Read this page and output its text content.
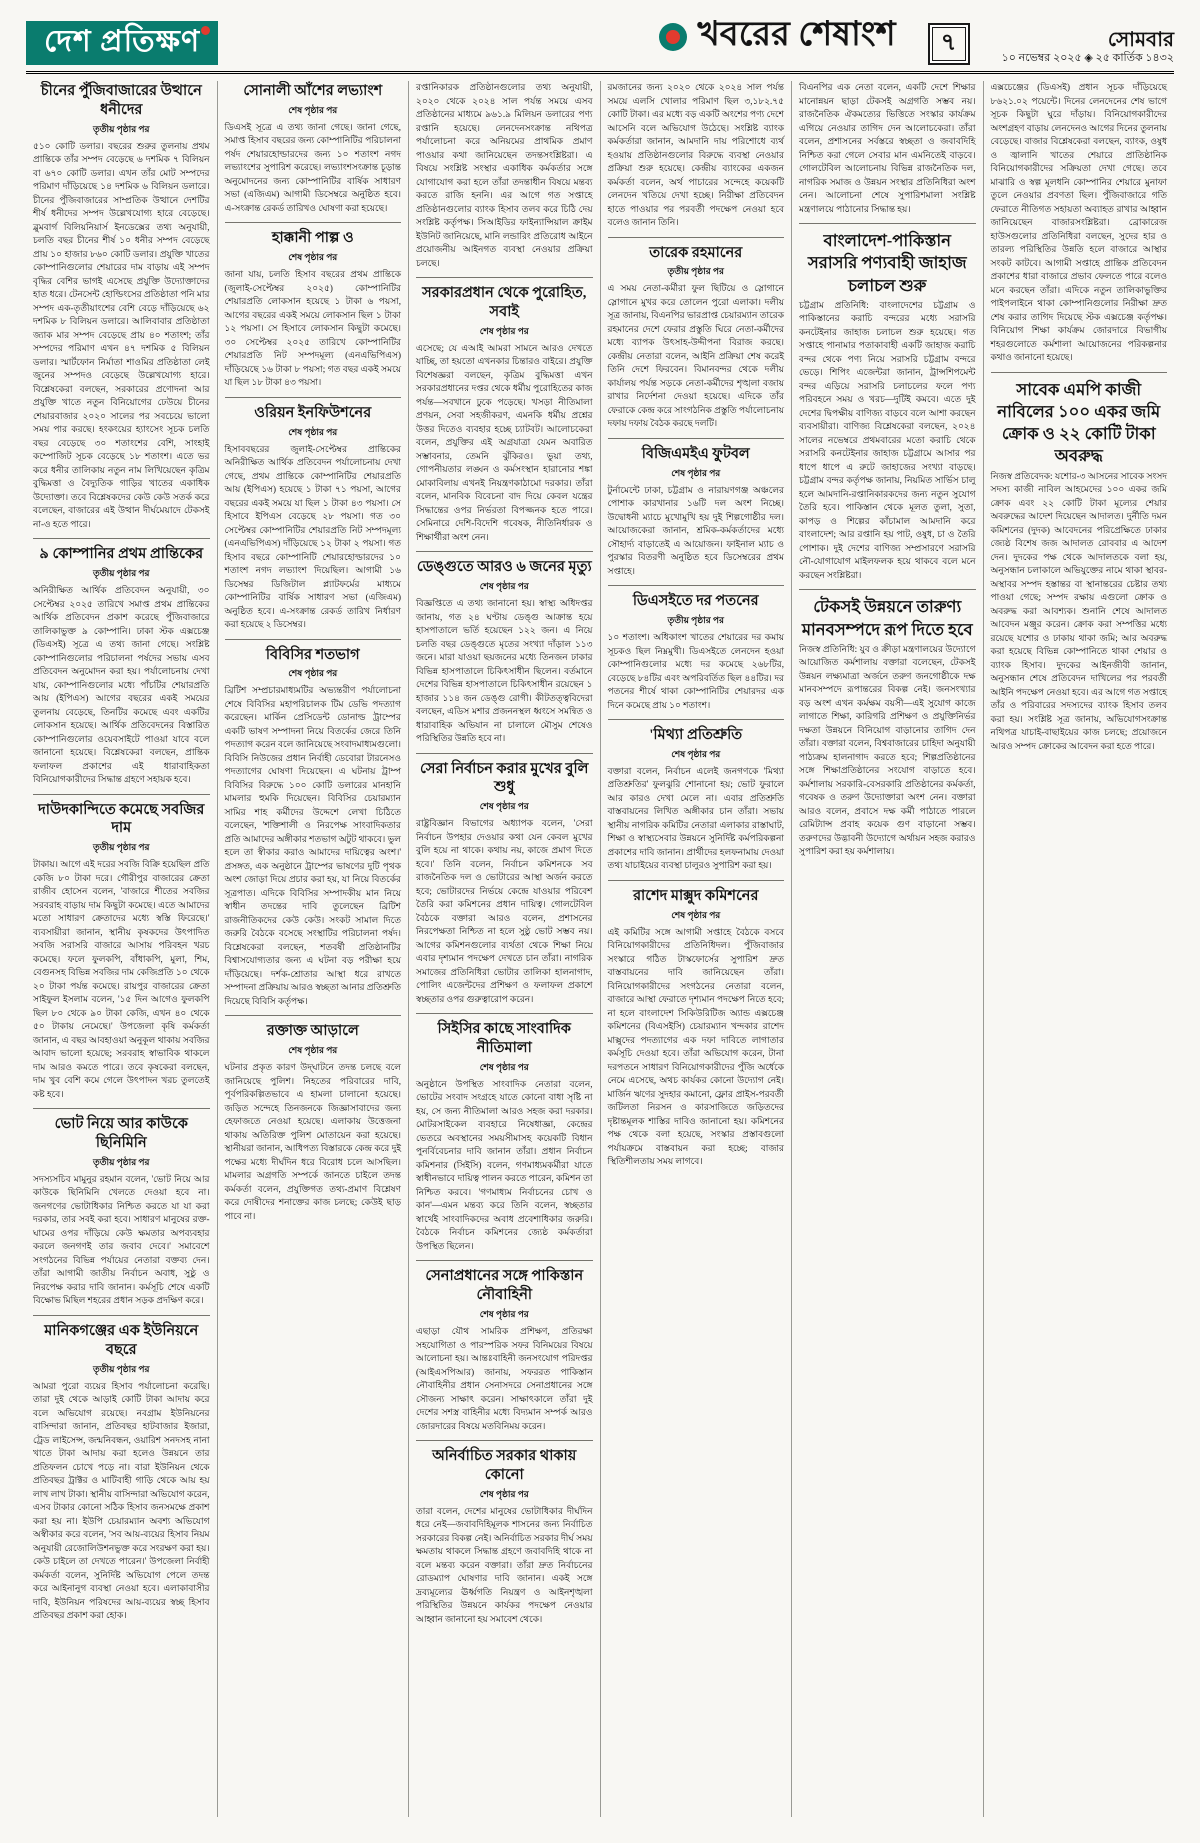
দেশ প্রতিক্ষণ	খবরের শেষাংশ	৭	সোমবার
১০ নভেম্বর ২০২৫ ◈ ২৫ কার্তিক ১৪৩২
চীনের পুঁজিবাজারের উত্থানে ধনীদের
তৃতীয় পৃষ্ঠার পর

৫১০ কোটি ডলার। বছরের শুরুর তুলনায় প্রথম প্রান্তিকে তাঁর সম্পদ বেড়েছে ৬ দশমিক ৭ বিলিয়ন বা ৬৭০ কোটি ডলার। এখন তাঁর মোট সম্পদের পরিমাণ দাঁড়িয়েছে ১৪ দশমিক ৬ বিলিয়ন ডলারে। চীনের পুঁজিবাজারের সাম্প্রতিক উত্থানে দেশটির শীর্ষ ধনীদের সম্পদ উল্লেখযোগ্য হারে বেড়েছে। ব্লুমবার্গ বিলিয়নিয়ার্স ইনডেক্সের তথ্য অনুযায়ী, চলতি বছর চীনের শীর্ষ ১০ ধনীর সম্পদ বেড়েছে প্রায় ১০ হাজার ৮৬০ কোটি ডলার। প্রযুক্তি খাতের কোম্পানিগুলোর শেয়ারের দাম বাড়ায় এই সম্পদ বৃদ্ধির বেশির ভাগই এসেছে প্রযুক্তি উদ্যোক্তাদের হাত ধরে। টেনসেন্ট হোল্ডিংসের প্রতিষ্ঠাতা পনি মার সম্পদ এক-তৃতীয়াংশের বেশি বেড়ে দাঁড়িয়েছে ৬২ দশমিক ৮ বিলিয়ন ডলারে। আলিবাবার প্রতিষ্ঠাতা জ্যাক মার সম্পদ বেড়েছে প্রায় ৪০ শতাংশ; তাঁর সম্পদের পরিমাণ এখন ৪৭ দশমিক ৫ বিলিয়ন ডলার। স্মার্টফোন নির্মাতা শাওমির প্রতিষ্ঠাতা লেই জুনের সম্পদও বেড়েছে উল্লেখযোগ্য হারে। বিশ্লেষকেরা বলছেন, সরকারের প্রণোদনা আর প্রযুক্তি খাতে নতুন বিনিয়োগের ঢেউয়ে চীনের শেয়ারবাজার ২০২০ সালের পর সবচেয়ে ভালো সময় পার করছে। হংকংয়ের হ্যাংসেং সূচক চলতি বছর বেড়েছে ৩০ শতাংশের বেশি, সাংহাই কম্পোজিট সূচক বেড়েছে ১৮ শতাংশ। এতে ভর করে ধনীর তালিকায় নতুন নাম লিখিয়েছেন কৃত্রিম বুদ্ধিমত্তা ও বৈদ্যুতিক গাড়ির খাতের একাধিক উদ্যোক্তা। তবে বিশ্লেষকদের কেউ কেউ সতর্ক করে বলেছেন, বাজারের এই উত্থান দীর্ঘমেয়াদে টেকসই না-ও হতে পারে।

৯ কোম্পানির প্রথম প্রান্তিকের
তৃতীয় পৃষ্ঠার পর

অনিরীক্ষিত আর্থিক প্রতিবেদন অনুযায়ী, ৩০ সেপ্টেম্বর ২০২৫ তারিখে সমাপ্ত প্রথম প্রান্তিকের আর্থিক প্রতিবেদন প্রকাশ করেছে পুঁজিবাজারে তালিকাভুক্ত ৯ কোম্পানি। ঢাকা স্টক এক্সচেঞ্জ (ডিএসই) সূত্রে এ তথ্য জানা গেছে। সংশ্লিষ্ট কোম্পানিগুলোর পরিচালনা পর্ষদের সভায় এসব প্রতিবেদন অনুমোদন করা হয়। পর্যালোচনায় দেখা যায়, কোম্পানিগুলোর মধ্যে পাঁচটির শেয়ারপ্রতি আয় (ইপিএস) আগের বছরের একই সময়ের তুলনায় বেড়েছে, তিনটির কমেছে এবং একটির লোকসান হয়েছে। আর্থিক প্রতিবেদনের বিস্তারিত কোম্পানিগুলোর ওয়েবসাইটে পাওয়া যাবে বলে জানানো হয়েছে। বিশ্লেষকেরা বলছেন, প্রান্তিক ফলাফল প্রকাশের এই ধারাবাহিকতা বিনিয়োগকারীদের সিদ্ধান্ত গ্রহণে সহায়ক হবে।

দাউদকান্দিতে কমেছে সবজির দাম
তৃতীয় পৃষ্ঠার পর

টাকায়। আগে এই দরের সবজি বিক্রি হয়েছিল প্রতি কেজি ৮০ টাকা দরে। গৌরীপুর বাজারের ক্রেতা রাজীব হোসেন বলেন, 'বাজারে শীতের সবজির সরবরাহ বাড়ায় দাম কিছুটা কমেছে। এতে আমাদের মতো সাধারণ ক্রেতাদের মধ্যে স্বস্তি ফিরেছে।' ব্যবসায়ীরা জানান, স্থানীয় কৃষকদের উৎপাদিত সবজি সরাসরি বাজারে আসায় পরিবহন খরচ কমেছে। ফলে ফুলকপি, বাঁধাকপি, মুলা, শিম, বেগুনসহ বিভিন্ন সবজির দাম কেজিপ্রতি ১০ থেকে ২০ টাকা পর্যন্ত কমেছে। রায়পুর বাজারের ক্রেতা সাইফুল ইসলাম বলেন, '১৫ দিন আগেও ফুলকপি ছিল ৮০ থেকে ৯০ টাকা কেজি, এখন ৪০ থেকে ৫০ টাকায় নেমেছে।' উপজেলা কৃষি কর্মকর্তা জানান, এ বছর আবহাওয়া অনুকূল থাকায় সবজির আবাদ ভালো হয়েছে; সরবরাহ স্বাভাবিক থাকলে দাম আরও কমতে পারে। তবে কৃষকেরা বলছেন, দাম খুব বেশি কমে গেলে উৎপাদন খরচ তুলতেই কষ্ট হবে।

ভোট নিয়ে আর কাউকে ছিনিমিনি
তৃতীয় পৃষ্ঠার পর

সদস্যসচিব মামুনুর রহমান বলেন, 'ভোট নিয়ে আর কাউকে ছিনিমিনি খেলতে দেওয়া হবে না। জনগণের ভোটাধিকার নিশ্চিত করতে যা যা করা দরকার, তার সবই করা হবে। সাধারণ মানুষের রক্ত-ঘামের ওপর দাঁড়িয়ে কেউ ক্ষমতার অপব্যবহার করলে জনগণই তার জবাব দেবে।' সমাবেশে সংগঠনের বিভিন্ন পর্যায়ের নেতারা বক্তব্য দেন। তাঁরা আগামী জাতীয় নির্বাচন অবাধ, সুষ্ঠু ও নিরপেক্ষ করার দাবি জানান। কর্মসূচি শেষে একটি বিক্ষোভ মিছিল শহরের প্রধান সড়ক প্রদক্ষিণ করে।

মানিকগঞ্জের এক ইউনিয়নে বছরে
তৃতীয় পৃষ্ঠার পর

আমরা পুরো ব্যয়ের হিসাব পর্যালোচনা করেছি। তারা দুই থেকে আড়াই কোটি টাকা আদায় করে বলে অভিযোগ রয়েছে। নবগ্রাম ইউনিয়নের বাসিন্দারা জানান, প্রতিবছর হাটবাজার ইজারা, ট্রেড লাইসেন্স, জন্মনিবন্ধন, ওয়ারিশ সনদসহ নানা খাতে টাকা আদায় করা হলেও উন্নয়নে তার প্রতিফলন চোখে পড়ে না। বারা ইউনিয়ন থেকে প্রতিবছর ট্রাক্টর ও মাটিবাহী গাড়ি থেকে আয় হয় লাখ লাখ টাকা। স্থানীয় বাসিন্দারা অভিযোগ করেন, এসব টাকার কোনো সঠিক হিসাব জনসমক্ষে প্রকাশ করা হয় না। ইউপি চেয়ারম্যান অবশ্য অভিযোগ অস্বীকার করে বলেন, 'সব আয়-ব্যয়ের হিসাব নিয়ম অনুযায়ী রেজোলিউশনভুক্ত করে সংরক্ষণ করা হয়। কেউ চাইলে তা দেখতে পারেন।' উপজেলা নির্বাহী কর্মকর্তা বলেন, সুনির্দিষ্ট অভিযোগ পেলে তদন্ত করে আইনানুগ ব্যবস্থা নেওয়া হবে। এলাকাবাসীর দাবি, ইউনিয়ন পরিষদের আয়-ব্যয়ের স্বচ্ছ হিসাব প্রতিবছর প্রকাশ করা হোক।

সোনালী আঁশের লভ্যাংশ
শেষ পৃষ্ঠার পর

ডিএসই সূত্রে এ তথ্য জানা গেছে। জানা গেছে, সমাপ্ত হিসাব বছরের জন্য কোম্পানিটির পরিচালনা পর্ষদ শেয়ারহোল্ডারদের জন্য ১০ শতাংশ নগদ লভ্যাংশের সুপারিশ করেছে। লভ্যাংশসংক্রান্ত চূড়ান্ত অনুমোদনের জন্য কোম্পানিটির বার্ষিক সাধারণ সভা (এজিএম) আগামী ডিসেম্বরে অনুষ্ঠিত হবে। এ-সংক্রান্ত রেকর্ড তারিখও ঘোষণা করা হয়েছে।

হাক্কানী পাল্প ও
শেষ পৃষ্ঠার পর

জানা যায়, চলতি হিসাব বছরের প্রথম প্রান্তিকে (জুলাই-সেপ্টেম্বর ২০২৫) কোম্পানিটির শেয়ারপ্রতি লোকসান হয়েছে ১ টাকা ৬ পয়সা, আগের বছরের একই সময়ে লোকসান ছিল ১ টাকা ১২ পয়সা। সে হিসাবে লোকসান কিছুটা কমেছে। ৩০ সেপ্টেম্বর ২০২৫ তারিখে কোম্পানিটির শেয়ারপ্রতি নিট সম্পদমূল্য (এনএভিপিএস) দাঁড়িয়েছে ১৬ টাকা ৮ পয়সা; গত বছর একই সময়ে যা ছিল ১৮ টাকা ৪৩ পয়সা।

ওরিয়ন ইনফিউশনের
শেষ পৃষ্ঠার পর

হিসাববছরের জুলাই-সেপ্টেম্বর প্রান্তিকের অনিরীক্ষিত আর্থিক প্রতিবেদন পর্যালোচনায় দেখা গেছে, প্রথম প্রান্তিকে কোম্পানিটির শেয়ারপ্রতি আয় (ইপিএস) হয়েছে ১ টাকা ৭১ পয়সা, আগের বছরের একই সময়ে যা ছিল ১ টাকা ৪৩ পয়সা। সে হিসাবে ইপিএস বেড়েছে ২৮ পয়সা। গত ৩০ সেপ্টেম্বর কোম্পানিটির শেয়ারপ্রতি নিট সম্পদমূল্য (এনএভিপিএস) দাঁড়িয়েছে ১২ টাকা ২ পয়সা। গত হিসাব বছরে কোম্পানিটি শেয়ারহোল্ডারদের ১০ শতাংশ নগদ লভ্যাংশ দিয়েছিল। আগামী ১৬ ডিসেম্বর ডিজিটাল প্ল্যাটফর্মের মাধ্যমে কোম্পানিটির বার্ষিক সাধারণ সভা (এজিএম) অনুষ্ঠিত হবে। এ-সংক্রান্ত রেকর্ড তারিখ নির্ধারণ করা হয়েছে ২ ডিসেম্বর।

বিবিসির শতভাগ
শেষ পৃষ্ঠার পর

ব্রিটিশ সম্প্রচারমাধ্যমটির অভ্যন্তরীণ পর্যালোচনা শেষে বিবিসির মহাপরিচালক টিম ডেভি পদত্যাগ করেছেন। মার্কিন প্রেসিডেন্ট ডোনাল্ড ট্রাম্পের একটি ভাষণ সম্পাদনা নিয়ে বিতর্কের জেরে তিনি পদত্যাগ করেন বলে জানিয়েছে সংবাদমাধ্যমগুলো। বিবিসি নিউজের প্রধান নির্বাহী ডেবোরা টারনেসও পদত্যাগের ঘোষণা দিয়েছেন। এ ঘটনায় ট্রাম্প বিবিসির বিরুদ্ধে ১০০ কোটি ডলারের মানহানি মামলার হুমকি দিয়েছেন। বিবিসির চেয়ারম্যান সামির শাহ কর্মীদের উদ্দেশে লেখা চিঠিতে বলেছেন, 'শক্তিশালী ও নিরপেক্ষ সাংবাদিকতার প্রতি আমাদের অঙ্গীকার শতভাগ অটুট থাকবে। ভুল হলে তা স্বীকার করাও আমাদের দায়িত্বের অংশ।' প্রসঙ্গত, এক অনুষ্ঠানে ট্রাম্পের ভাষণের দুটি পৃথক অংশ জোড়া দিয়ে প্রচার করা হয়, যা নিয়ে বিতর্কের সূত্রপাত। এদিকে বিবিসির সম্পাদকীয় মান নিয়ে স্বাধীন তদন্তের দাবি তুলেছেন ব্রিটিশ রাজনীতিকদের কেউ কেউ। সংকট সামাল দিতে জরুরি বৈঠকে বসেছে সংস্থাটির পরিচালনা পর্ষদ। বিশ্লেষকেরা বলছেন, শতবর্ষী প্রতিষ্ঠানটির বিশ্বাসযোগ্যতার জন্য এ ঘটনা বড় পরীক্ষা হয়ে দাঁড়িয়েছে। দর্শক-শ্রোতার আস্থা ধরে রাখতে সম্পাদনা প্রক্রিয়ায় আরও স্বচ্ছতা আনার প্রতিশ্রুতি দিয়েছে বিবিসি কর্তৃপক্ষ।

রক্তাক্ত আড়ালে
শেষ পৃষ্ঠার পর

ঘটনার প্রকৃত কারণ উদ্‌ঘাটনে তদন্ত চলছে বলে জানিয়েছে পুলিশ। নিহতের পরিবারের দাবি, পূর্বপরিকল্পিতভাবে এ হামলা চালানো হয়েছে। জড়িত সন্দেহে তিনজনকে জিজ্ঞাসাবাদের জন্য হেফাজতে নেওয়া হয়েছে। এলাকায় উত্তেজনা থাকায় অতিরিক্ত পুলিশ মোতায়েন করা হয়েছে। স্থানীয়রা জানান, আধিপত্য বিস্তারকে কেন্দ্র করে দুই পক্ষের মধ্যে দীর্ঘদিন ধরে বিরোধ চলে আসছিল। মামলার অগ্রগতি সম্পর্কে জানতে চাইলে তদন্ত কর্মকর্তা বলেন, প্রযুক্তিগত তথ্য-প্রমাণ বিশ্লেষণ করে দোষীদের শনাক্তের কাজ চলছে; কেউই ছাড় পাবে না।

রপ্তানিকারক প্রতিষ্ঠানগুলোর তথ্য অনুযায়ী, ২০২০ থেকে ২০২৪ সাল পর্যন্ত সময়ে এসব প্রতিষ্ঠানের মাধ্যমে ৯৬১.৯ মিলিয়ন ডলারের পণ্য রপ্তানি হয়েছে। লেনদেনসংক্রান্ত নথিপত্র পর্যালোচনা করে অনিয়মের প্রাথমিক প্রমাণ পাওয়ার কথা জানিয়েছেন তদন্তসংশ্লিষ্টরা। এ বিষয়ে সংশ্লিষ্ট সংস্থার একাধিক কর্মকর্তার সঙ্গে যোগাযোগ করা হলে তাঁরা তদন্তাধীন বিষয়ে মন্তব্য করতে রাজি হননি। এর আগে গত সপ্তাহে প্রতিষ্ঠানগুলোর ব্যাংক হিসাব তলব করে চিঠি দেয় সংশ্লিষ্ট কর্তৃপক্ষ। সিআইডির ফাইন্যান্সিয়াল ক্রাইম ইউনিট জানিয়েছে, মানি লন্ডারিং প্রতিরোধ আইনে প্রয়োজনীয় আইনগত ব্যবস্থা নেওয়ার প্রক্রিয়া চলছে।

সরকারপ্রধান থেকে পুরোহিত, সবাই
শেষ পৃষ্ঠার পর

এসেছে; যে এআই আমরা সামনে আরও দেখতে যাচ্ছি, তা হয়তো এখনকার চিন্তারও বাইরে। প্রযুক্তি বিশেষজ্ঞরা বলছেন, কৃত্রিম বুদ্ধিমত্তা এখন সরকারপ্রধানের দপ্তর থেকে ধর্মীয় পুরোহিতের কাজ পর্যন্ত—সবখানে ঢুকে পড়েছে। খসড়া নীতিমালা প্রণয়ন, সেবা সহজীকরণ, এমনকি ধর্মীয় প্রশ্নের উত্তর দিতেও ব্যবহার হচ্ছে চ্যাটবট। আলোচকেরা বলেন, প্রযুক্তির এই অগ্রযাত্রা যেমন অবারিত সম্ভাবনার, তেমনি ঝুঁকিরও। ভুয়া তথ্য, গোপনীয়তার লঙ্ঘন ও কর্মসংস্থান হারানোর শঙ্কা মোকাবিলায় এখনই নিয়ন্ত্রণকাঠামো দরকার। তাঁরা বলেন, মানবিক বিবেচনা বাদ দিয়ে কেবল যন্ত্রের সিদ্ধান্তের ওপর নির্ভরতা বিপজ্জনক হতে পারে। সেমিনারে দেশি-বিদেশি গবেষক, নীতিনির্ধারক ও শিক্ষার্থীরা অংশ নেন।

ডেঙ্গুতে আরও ৬ জনের মৃত্যু
শেষ পৃষ্ঠার পর

বিজ্ঞপ্তিতে এ তথ্য জানানো হয়। স্বাস্থ্য অধিদপ্তর জানায়, গত ২৪ ঘণ্টায় ডেঙ্গু আক্রান্ত হয়ে হাসপাতালে ভর্তি হয়েছেন ১২২ জন। এ নিয়ে চলতি বছর ডেঙ্গুতে মৃতের সংখ্যা দাঁড়াল ১১৩ জনে। মারা যাওয়া ছয়জনের মধ্যে তিনজন ঢাকার বিভিন্ন হাসপাতালে চিকিৎসাধীন ছিলেন। বর্তমানে দেশের বিভিন্ন হাসপাতালে চিকিৎসাধীন রয়েছেন ১ হাজার ১১৪ জন ডেঙ্গু রোগী। কীটতত্ত্ববিদেরা বলছেন, এডিস মশার প্রজননস্থল ধ্বংসে সমন্বিত ও ধারাবাহিক অভিযান না চালালে মৌসুম শেষেও পরিস্থিতির উন্নতি হবে না।

সেরা নির্বাচন করার মুখের বুলি শুধু
শেষ পৃষ্ঠার পর

রাষ্ট্রবিজ্ঞান বিভাগের অধ্যাপক বলেন, 'সেরা নির্বাচন উপহার দেওয়ার কথা যেন কেবল মুখের বুলি হয়ে না থাকে। কথায় নয়, কাজে প্রমাণ দিতে হবে।' তিনি বলেন, নির্বাচন কমিশনকে সব রাজনৈতিক দল ও ভোটারের আস্থা অর্জন করতে হবে; ভোটারদের নির্ভয়ে কেন্দ্রে যাওয়ার পরিবেশ তৈরি করা কমিশনের প্রধান দায়িত্ব। গোলটেবিল বৈঠকে বক্তারা আরও বলেন, প্রশাসনের নিরপেক্ষতা নিশ্চিত না হলে সুষ্ঠু ভোট সম্ভব নয়। আগের কমিশনগুলোর ব্যর্থতা থেকে শিক্ষা নিয়ে এবার দৃশ্যমান পদক্ষেপ দেখতে চান তাঁরা। নাগরিক সমাজের প্রতিনিধিরা ভোটার তালিকা হালনাগাদ, পোলিং এজেন্টদের প্রশিক্ষণ ও ফলাফল প্রকাশে স্বচ্ছতার ওপর গুরুত্বারোপ করেন।

সিইসির কাছে সাংবাদিক নীতিমালা
শেষ পৃষ্ঠার পর

অনুষ্ঠানে উপস্থিত সাংবাদিক নেতারা বলেন, ভোটের সংবাদ সংগ্রহে যাতে কোনো বাধা সৃষ্টি না হয়, সে জন্য নীতিমালা আরও সহজ করা দরকার। মোটরসাইকেল ব্যবহারে নিষেধাজ্ঞা, কেন্দ্রের ভেতরে অবস্থানের সময়সীমাসহ কয়েকটি বিধান পুনর্বিবেচনার দাবি জানান তাঁরা। প্রধান নির্বাচন কমিশনার (সিইসি) বলেন, গণমাধ্যমকর্মীরা যাতে স্বাধীনভাবে দায়িত্ব পালন করতে পারেন, কমিশন তা নিশ্চিত করবে। 'গণমাধ্যম নির্বাচনের চোখ ও কান'—এমন মন্তব্য করে তিনি বলেন, স্বচ্ছতার স্বার্থেই সাংবাদিকদের অবাধ প্রবেশাধিকার জরুরি। বৈঠকে নির্বাচন কমিশনের জ্যেষ্ঠ কর্মকর্তারা উপস্থিত ছিলেন।

সেনাপ্রধানের সঙ্গে পাকিস্তান নৌবাহিনী
শেষ পৃষ্ঠার পর

এছাড়া যৌথ সামরিক প্রশিক্ষণ, প্রতিরক্ষা সহযোগিতা ও পারস্পরিক সফর বিনিময়ের বিষয়ে আলোচনা হয়। আন্তঃবাহিনী জনসংযোগ পরিদপ্তর (আইএসপিআর) জানায়, সফররত পাকিস্তান নৌবাহিনীর প্রধান সেনাসদরে সেনাপ্রধানের সঙ্গে সৌজন্য সাক্ষাৎ করেন। সাক্ষাৎকালে তাঁরা দুই দেশের সশস্ত্র বাহিনীর মধ্যে বিদ্যমান সম্পর্ক আরও জোরদারের বিষয়ে মতবিনিময় করেন।

অনির্বাচিত সরকার থাকায় কোনো
শেষ পৃষ্ঠার পর

তারা বলেন, দেশের মানুষের ভোটাধিকার দীর্ঘদিন ধরে নেই—জবাবদিহিমূলক শাসনের জন্য নির্বাচিত সরকারের বিকল্প নেই। অনির্বাচিত সরকার দীর্ঘ সময় ক্ষমতায় থাকলে সিদ্ধান্ত গ্রহণে জবাবদিহি থাকে না বলে মন্তব্য করেন বক্তারা। তাঁরা দ্রুত নির্বাচনের রোডম্যাপ ঘোষণার দাবি জানান। একই সঙ্গে দ্রব্যমূল্যের ঊর্ধ্বগতি নিয়ন্ত্রণ ও আইনশৃঙ্খলা পরিস্থিতির উন্নয়নে কার্যকর পদক্ষেপ নেওয়ার আহ্বান জানানো হয় সমাবেশ থেকে।

রমজানের জন্য ২০২০ থেকে ২০২৪ সাল পর্যন্ত সময়ে এলসি খোলার পরিমাণ ছিল ৩,১৮২.৭৫ কোটি টাকা। এর মধ্যে বড় একটি অংশের পণ্য দেশে আসেনি বলে অভিযোগ উঠেছে। সংশ্লিষ্ট ব্যাংক কর্মকর্তারা জানান, আমদানি দায় পরিশোধে ব্যর্থ হওয়ায় প্রতিষ্ঠানগুলোর বিরুদ্ধে ব্যবস্থা নেওয়ার প্রক্রিয়া শুরু হয়েছে। কেন্দ্রীয় ব্যাংকের একজন কর্মকর্তা বলেন, অর্থ পাচারের সন্দেহে কয়েকটি লেনদেন খতিয়ে দেখা হচ্ছে। নিরীক্ষা প্রতিবেদন হাতে পাওয়ার পর পরবর্তী পদক্ষেপ নেওয়া হবে বলেও জানান তিনি।

তারেক রহমানের
তৃতীয় পৃষ্ঠার পর

এ সময় নেতা-কর্মীরা ফুল ছিটিয়ে ও স্লোগানে স্লোগানে মুখর করে তোলেন পুরো এলাকা। দলীয় সূত্র জানায়, বিএনপির ভারপ্রাপ্ত চেয়ারম্যান তারেক রহমানের দেশে ফেরার প্রস্তুতি ঘিরে নেতা-কর্মীদের মধ্যে ব্যাপক উৎসাহ-উদ্দীপনা বিরাজ করছে। কেন্দ্রীয় নেতারা বলেন, আইনি প্রক্রিয়া শেষ করেই তিনি দেশে ফিরবেন। বিমানবন্দর থেকে দলীয় কার্যালয় পর্যন্ত সড়কে নেতা-কর্মীদের শৃঙ্খলা বজায় রাখার নির্দেশনা দেওয়া হয়েছে। এদিকে তাঁর ফেরাকে কেন্দ্র করে সাংগঠনিক প্রস্তুতি পর্যালোচনায় দফায় দফায় বৈঠক করছে দলটি।

বিজিএমইএ ফুটবল
শেষ পৃষ্ঠার পর

টুর্নামেন্টে ঢাকা, চট্টগ্রাম ও নারায়ণগঞ্জ অঞ্চলের পোশাক কারখানার ১৬টি দল অংশ নিচ্ছে। উদ্বোধনী ম্যাচে মুখোমুখি হয় দুই শিল্পগোষ্ঠীর দল। আয়োজকেরা জানান, শ্রমিক-কর্মকর্তাদের মধ্যে সৌহার্দ্য বাড়াতেই এ আয়োজন। ফাইনাল ম্যাচ ও পুরস্কার বিতরণী অনুষ্ঠিত হবে ডিসেম্বরের প্রথম সপ্তাহে।

ডিএসইতে দর পতনের
তৃতীয় পৃষ্ঠার পর

১০ শতাংশ। অধিকাংশ খাতের শেয়ারের দর কমায় সূচকও ছিল নিম্নমুখী। ডিএসইতে লেনদেন হওয়া কোম্পানিগুলোর মধ্যে দর কমেছে ২৬৮টির, বেড়েছে ৮৪টির এবং অপরিবর্তিত ছিল ৪৪টির। দর পতনের শীর্ষে থাকা কোম্পানিটির শেয়ারদর এক দিনে কমেছে প্রায় ১০ শতাংশ।

'মিথ্যা প্রতিশ্রুতি
শেষ পৃষ্ঠার পর

বক্তারা বলেন, নির্বাচন এলেই জনগণকে 'মিথ্যা প্রতিশ্রুতির' ফুলঝুরি শোনানো হয়; ভোট ফুরালে আর কারও দেখা মেলে না। এবার প্রতিশ্রুতি বাস্তবায়নের লিখিত অঙ্গীকার চান তাঁরা। সভায় স্থানীয় নাগরিক কমিটির নেতারা এলাকার রাস্তাঘাট, শিক্ষা ও স্বাস্থ্যসেবার উন্নয়নে সুনির্দিষ্ট কর্মপরিকল্পনা প্রকাশের দাবি জানান। প্রার্থীদের হলফনামায় দেওয়া তথ্য যাচাইয়ের ব্যবস্থা চালুরও সুপারিশ করা হয়।

রাশেদ মাক্সুদ কমিশনের
শেষ পৃষ্ঠার পর

এই কমিটির সঙ্গে আগামী সপ্তাহে বৈঠকে বসবে বিনিয়োগকারীদের প্রতিনিধিদল। পুঁজিবাজার সংস্কারে গঠিত টাস্কফোর্সের সুপারিশ দ্রুত বাস্তবায়নের দাবি জানিয়েছেন তাঁরা। বিনিয়োগকারীদের সংগঠনের নেতারা বলেন, বাজারে আস্থা ফেরাতে দৃশ্যমান পদক্ষেপ নিতে হবে; না হলে বাংলাদেশ সিকিউরিটিজ অ্যান্ড এক্সচেঞ্জ কমিশনের (বিএসইসি) চেয়ারম্যান খন্দকার রাশেদ মাক্সুদের পদত্যাগের এক দফা দাবিতে লাগাতার কর্মসূচি দেওয়া হবে। তাঁরা অভিযোগ করেন, টানা দরপতনে সাধারণ বিনিয়োগকারীদের পুঁজি অর্ধেকে নেমে এসেছে, অথচ কার্যকর কোনো উদ্যোগ নেই। মার্জিন ঋণের সুদহার কমানো, ফ্লোর প্রাইস-পরবর্তী জটিলতা নিরসন ও কারসাজিতে জড়িতদের দৃষ্টান্তমূলক শাস্তির দাবিও জানানো হয়। কমিশনের পক্ষ থেকে বলা হয়েছে, সংস্কার প্রস্তাবগুলো পর্যায়ক্রমে বাস্তবায়ন করা হচ্ছে; বাজার স্থিতিশীলতায় সময় লাগবে।

বিএনপির এক নেতা বলেন, একটি দেশে শিক্ষার মানোন্নয়ন ছাড়া টেকসই অগ্রগতি সম্ভব নয়। রাজনৈতিক ঐকমত্যের ভিত্তিতে সংস্কার কার্যক্রম এগিয়ে নেওয়ার তাগিদ দেন আলোচকেরা। তাঁরা বলেন, প্রশাসনের সর্বস্তরে স্বচ্ছতা ও জবাবদিহি নিশ্চিত করা গেলে সেবার মান এমনিতেই বাড়বে। গোলটেবিল আলোচনায় বিভিন্ন রাজনৈতিক দল, নাগরিক সমাজ ও উন্নয়ন সংস্থার প্রতিনিধিরা অংশ নেন। আলোচনা শেষে সুপারিশমালা সংশ্লিষ্ট মন্ত্রণালয়ে পাঠানোর সিদ্ধান্ত হয়।

বাংলাদেশ-পাকিস্তান সরাসরি পণ্যবাহী জাহাজ চলাচল শুরু

চট্টগ্রাম প্রতিনিধি: বাংলাদেশের চট্টগ্রাম ও পাকিস্তানের করাচি বন্দরের মধ্যে সরাসরি কনটেইনার জাহাজ চলাচল শুরু হয়েছে। গত সপ্তাহে পানামার পতাকাবাহী একটি জাহাজ করাচি বন্দর থেকে পণ্য নিয়ে সরাসরি চট্টগ্রাম বন্দরে ভেড়ে। শিপিং এজেন্টরা জানান, ট্রান্সশিপমেন্ট বন্দর এড়িয়ে সরাসরি চলাচলের ফলে পণ্য পরিবহনে সময় ও খরচ—দুটিই কমবে। এতে দুই দেশের দ্বিপক্ষীয় বাণিজ্য বাড়বে বলে আশা করছেন ব্যবসায়ীরা। বাণিজ্য বিশ্লেষকেরা বলছেন, ২০২৪ সালের নভেম্বরে প্রথমবারের মতো করাচি থেকে সরাসরি কনটেইনার জাহাজ চট্টগ্রামে আসার পর ধাপে ধাপে এ রুটে জাহাজের সংখ্যা বাড়ছে। চট্টগ্রাম বন্দর কর্তৃপক্ষ জানায়, নিয়মিত সার্ভিস চালু হলে আমদানি-রপ্তানিকারকদের জন্য নতুন সুযোগ তৈরি হবে। পাকিস্তান থেকে মূলত তুলা, সুতা, কাপড় ও শিল্পের কাঁচামাল আমদানি করে বাংলাদেশ; আর রপ্তানি হয় পাট, ওষুধ, চা ও তৈরি পোশাক। দুই দেশের বাণিজ্য সম্প্রসারণে সরাসরি নৌ-যোগাযোগ মাইলফলক হয়ে থাকবে বলে মনে করছেন সংশ্লিষ্টরা।

টেকসই উন্নয়নে তারুণ্য মানবসম্পদে রূপ দিতে হবে

নিজস্ব প্রতিনিধি: যুব ও ক্রীড়া মন্ত্রণালয়ের উদ্যোগে আয়োজিত কর্মশালায় বক্তারা বলেছেন, টেকসই উন্নয়ন লক্ষ্যমাত্রা অর্জনে তরুণ জনগোষ্ঠীকে দক্ষ মানবসম্পদে রূপান্তরের বিকল্প নেই। জনসংখ্যার বড় অংশ এখন কর্মক্ষম বয়সী—এই সুযোগ কাজে লাগাতে শিক্ষা, কারিগরি প্রশিক্ষণ ও প্রযুক্তিনির্ভর দক্ষতা উন্নয়নে বিনিয়োগ বাড়ানোর তাগিদ দেন তাঁরা। বক্তারা বলেন, বিশ্ববাজারের চাহিদা অনুযায়ী পাঠ্যক্রম হালনাগাদ করতে হবে; শিল্পপ্রতিষ্ঠানের সঙ্গে শিক্ষাপ্রতিষ্ঠানের সংযোগ বাড়াতে হবে। কর্মশালায় সরকারি-বেসরকারি প্রতিষ্ঠানের কর্মকর্তা, গবেষক ও তরুণ উদ্যোক্তারা অংশ নেন। বক্তারা আরও বলেন, প্রবাসে দক্ষ কর্মী পাঠাতে পারলে রেমিট্যান্স প্রবাহ কয়েক গুণ বাড়ানো সম্ভব। তরুণদের উদ্ভাবনী উদ্যোগে অর্থায়ন সহজ করারও সুপারিশ করা হয় কর্মশালায়।

এক্সচেঞ্জের (ডিএসই) প্রধান সূচক দাঁড়িয়েছে ৮৬২১.০২ পয়েন্টে। দিনের লেনদেনের শেষ ভাগে সূচক কিছুটা ঘুরে দাঁড়ায়। বিনিয়োগকারীদের অংশগ্রহণ বাড়ায় লেনদেনও আগের দিনের তুলনায় বেড়েছে। বাজার বিশ্লেষকেরা বলছেন, ব্যাংক, ওষুধ ও জ্বালানি খাতের শেয়ারে প্রাতিষ্ঠানিক বিনিয়োগকারীদের সক্রিয়তা দেখা গেছে। তবে মাঝারি ও স্বল্প মূলধনি কোম্পানির শেয়ারে মুনাফা তুলে নেওয়ার প্রবণতা ছিল। পুঁজিবাজারে গতি ফেরাতে নীতিগত সহায়তা অব্যাহত রাখার আহ্বান জানিয়েছেন বাজারসংশ্লিষ্টরা। ব্রোকারেজ হাউসগুলোর প্রতিনিধিরা বলছেন, সুদের হার ও তারল্য পরিস্থিতির উন্নতি হলে বাজারে আস্থার সংকট কাটবে। আগামী সপ্তাহে প্রান্তিক প্রতিবেদন প্রকাশের ধারা বাজারে প্রভাব ফেলতে পারে বলেও মনে করছেন তাঁরা। এদিকে নতুন তালিকাভুক্তির পাইপলাইনে থাকা কোম্পানিগুলোর নিরীক্ষা দ্রুত শেষ করার তাগিদ দিয়েছে স্টক এক্সচেঞ্জ কর্তৃপক্ষ। বিনিয়োগ শিক্ষা কার্যক্রম জোরদারে বিভাগীয় শহরগুলোতে কর্মশালা আয়োজনের পরিকল্পনার কথাও জানানো হয়েছে।

সাবেক এমপি কাজী নাবিলের ১০০ একর জমি ক্রোক ও ২২ কোটি টাকা অবরুদ্ধ

নিজস্ব প্রতিবেদক: যশোর-৩ আসনের সাবেক সংসদ সদস্য কাজী নাবিল আহমেদের ১০০ একর জমি ক্রোক এবং ২২ কোটি টাকা মূল্যের শেয়ার অবরুদ্ধের আদেশ দিয়েছেন আদালত। দুর্নীতি দমন কমিশনের (দুদক) আবেদনের পরিপ্রেক্ষিতে ঢাকার জ্যেষ্ঠ বিশেষ জজ আদালত রোববার এ আদেশ দেন। দুদকের পক্ষ থেকে আদালতকে বলা হয়, অনুসন্ধান চলাকালে অভিযুক্তের নামে থাকা স্থাবর-অস্থাবর সম্পদ হস্তান্তর বা স্থানান্তরের চেষ্টার তথ্য পাওয়া গেছে; সম্পদ রক্ষায় এগুলো ক্রোক ও অবরুদ্ধ করা আবশ্যক। শুনানি শেষে আদালত আবেদন মঞ্জুর করেন। ক্রোক করা সম্পত্তির মধ্যে রয়েছে যশোর ও ঢাকায় থাকা জমি; আর অবরুদ্ধ করা হয়েছে বিভিন্ন কোম্পানিতে থাকা শেয়ার ও ব্যাংক হিসাব। দুদকের আইনজীবী জানান, অনুসন্ধান শেষে প্রতিবেদন দাখিলের পর পরবর্তী আইনি পদক্ষেপ নেওয়া হবে। এর আগে গত সপ্তাহে তাঁর ও পরিবারের সদস্যদের ব্যাংক হিসাব তলব করা হয়। সংশ্লিষ্ট সূত্র জানায়, অভিযোগসংক্রান্ত নথিপত্র যাচাই-বাছাইয়ের কাজ চলছে; প্রয়োজনে আরও সম্পদ ক্রোকের আবেদন করা হতে পারে।
